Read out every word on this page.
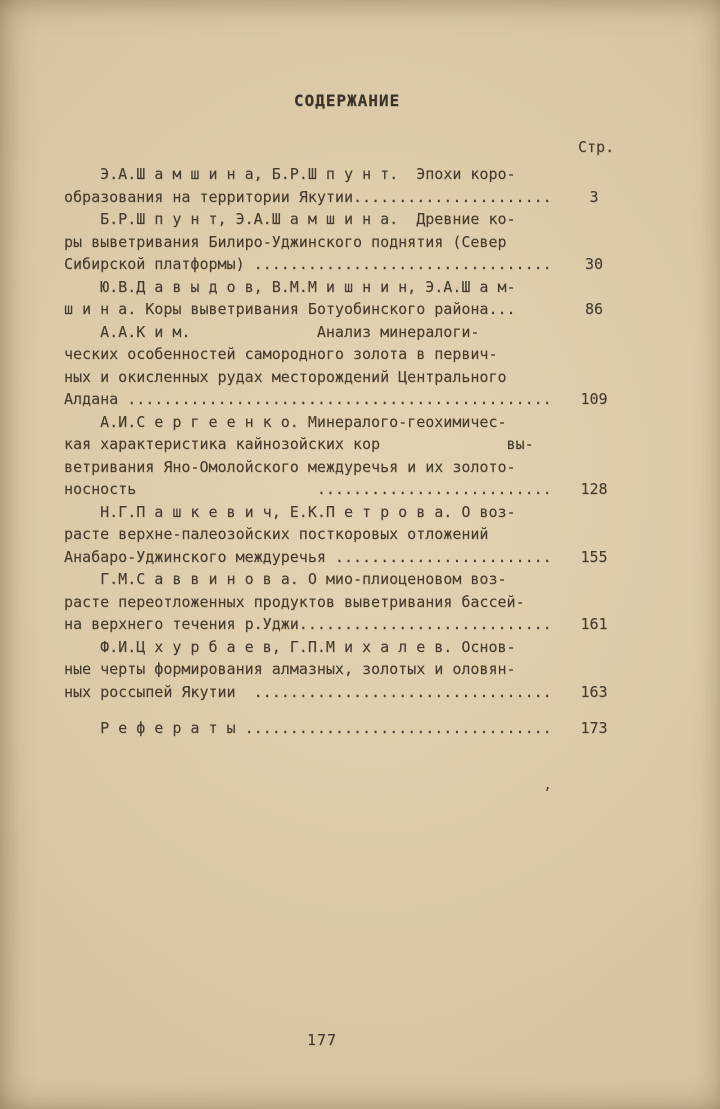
СОДЕРЖАНИЕ
Стр.
Э.А.Ш а м ш и н а, Б.Р.Ш п у н т.  Эпохи коро-
образования на территории Якутии......................	3
Б.Р.Ш п у н т, Э.А.Ш а м ш и н а.  Древние ко-
ры выветривания Билиро-Уджинского поднятия (Север
Сибирской платформы) .................................	30
Ю.В.Д а в ы д о в, В.М.М и ш н и н, Э.А.Ш а м-
ш и н а. Коры выветривания Ботуобинского района...	86
А.А.К и м.              Анализ минералоги-
ческих особенностей самородного золота в первич-
ных и окисленных рудах месторождений Центрального
Алдана ...............................................	109
А.И.С е р г е е н к о. Минералого-геохимичес-
кая характеристика кайнозойских кор              вы-
ветривания Яно-Омолойского междуречья и их золото-
носность                    ..........................	128
Н.Г.П а ш к е в и ч, Е.К.П е т р о в а. О воз-
расте верхне-палеозойских посткоровых отложений
Анабаро-Уджинского междуречья ........................	155
Г.М.С а в в и н о в а. О мио-плиоценовом воз-
расте переотложенных продуктов выветривания бассей-
на верхнего течения р.Уджи............................	161
Ф.И.Ц х у р б а е в, Г.П.М и х а л е в. Основ-
ные черты формирования алмазных, золотых и оловян-
ных россыпей Якутии  .................................	163
Р е ф е р а т ы ..................................	173
’
177
